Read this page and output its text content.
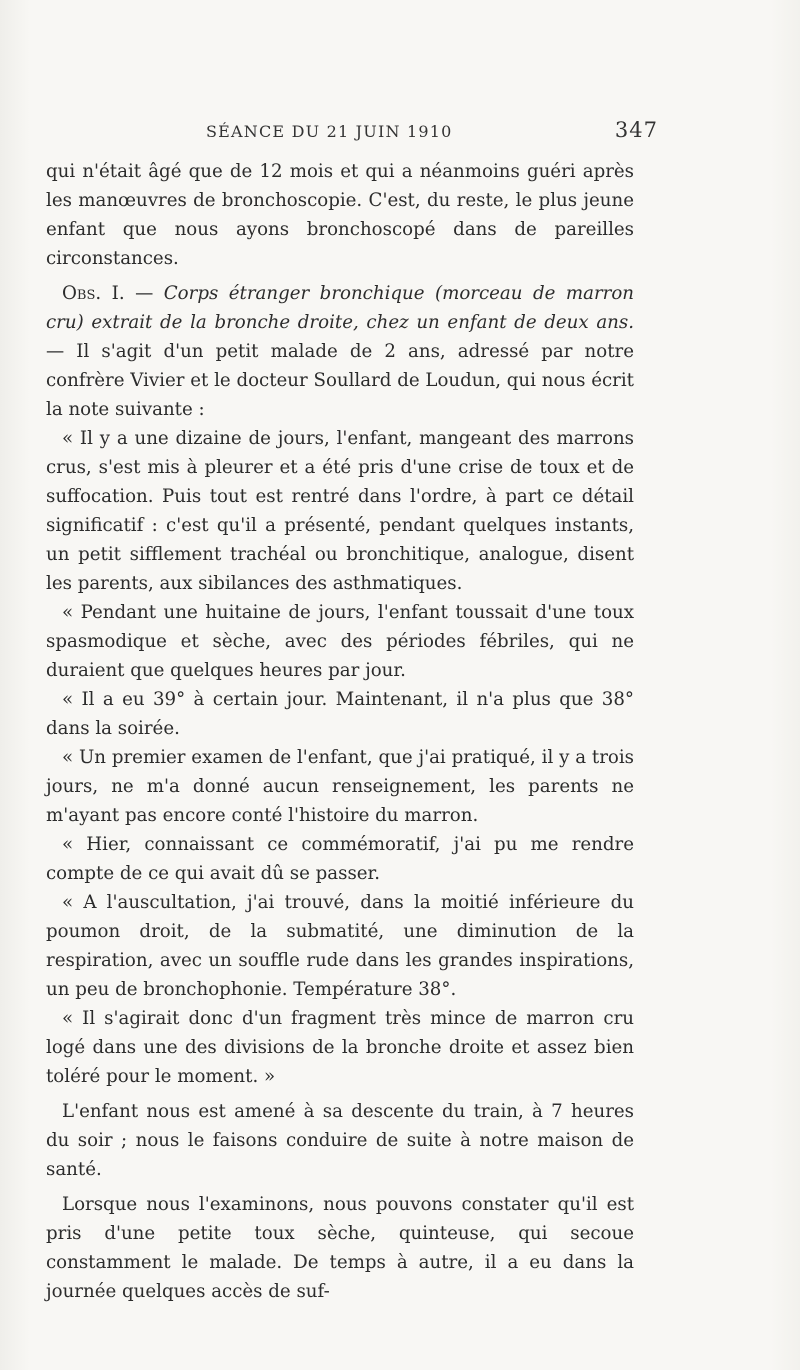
SÉANCE DU 21 JUIN 1910	347

qui n'était âgé que de 12 mois et qui a néanmoins guéri après les manœuvres de bronchoscopie. C'est, du reste, le plus jeune enfant que nous ayons bronchoscopé dans de pareilles circonstances.

Obs. I. — Corps étranger bronchique (morceau de marron cru) extrait de la bronche droite, chez un enfant de deux ans. — Il s'agit d'un petit malade de 2 ans, adressé par notre confrère Vivier et le docteur Soullard de Loudun, qui nous écrit la note suivante :

« Il y a une dizaine de jours, l'enfant, mangeant des marrons crus, s'est mis à pleurer et a été pris d'une crise de toux et de suffocation. Puis tout est rentré dans l'ordre, à part ce détail significatif : c'est qu'il a présenté, pendant quelques instants, un petit sifflement trachéal ou bronchitique, analogue, disent les parents, aux sibilances des asthmatiques.

« Pendant une huitaine de jours, l'enfant toussait d'une toux spasmodique et sèche, avec des périodes fébriles, qui ne duraient que quelques heures par jour.

« Il a eu 39° à certain jour. Maintenant, il n'a plus que 38° dans la soirée.

« Un premier examen de l'enfant, que j'ai pratiqué, il y a trois jours, ne m'a donné aucun renseignement, les parents ne m'ayant pas encore conté l'histoire du marron.

« Hier, connaissant ce commémoratif, j'ai pu me rendre compte de ce qui avait dû se passer.

« A l'auscultation, j'ai trouvé, dans la moitié inférieure du poumon droit, de la submatité, une diminution de la respiration, avec un souffle rude dans les grandes inspirations, un peu de bronchophonie. Température 38°.

« Il s'agirait donc d'un fragment très mince de marron cru logé dans une des divisions de la bronche droite et assez bien toléré pour le moment. »

L'enfant nous est amené à sa descente du train, à 7 heures du soir ; nous le faisons conduire de suite à notre maison de santé.

Lorsque nous l'examinons, nous pouvons constater qu'il est pris d'une petite toux sèche, quinteuse, qui secoue constamment le malade. De temps à autre, il a eu dans la journée quelques accès de suf-
